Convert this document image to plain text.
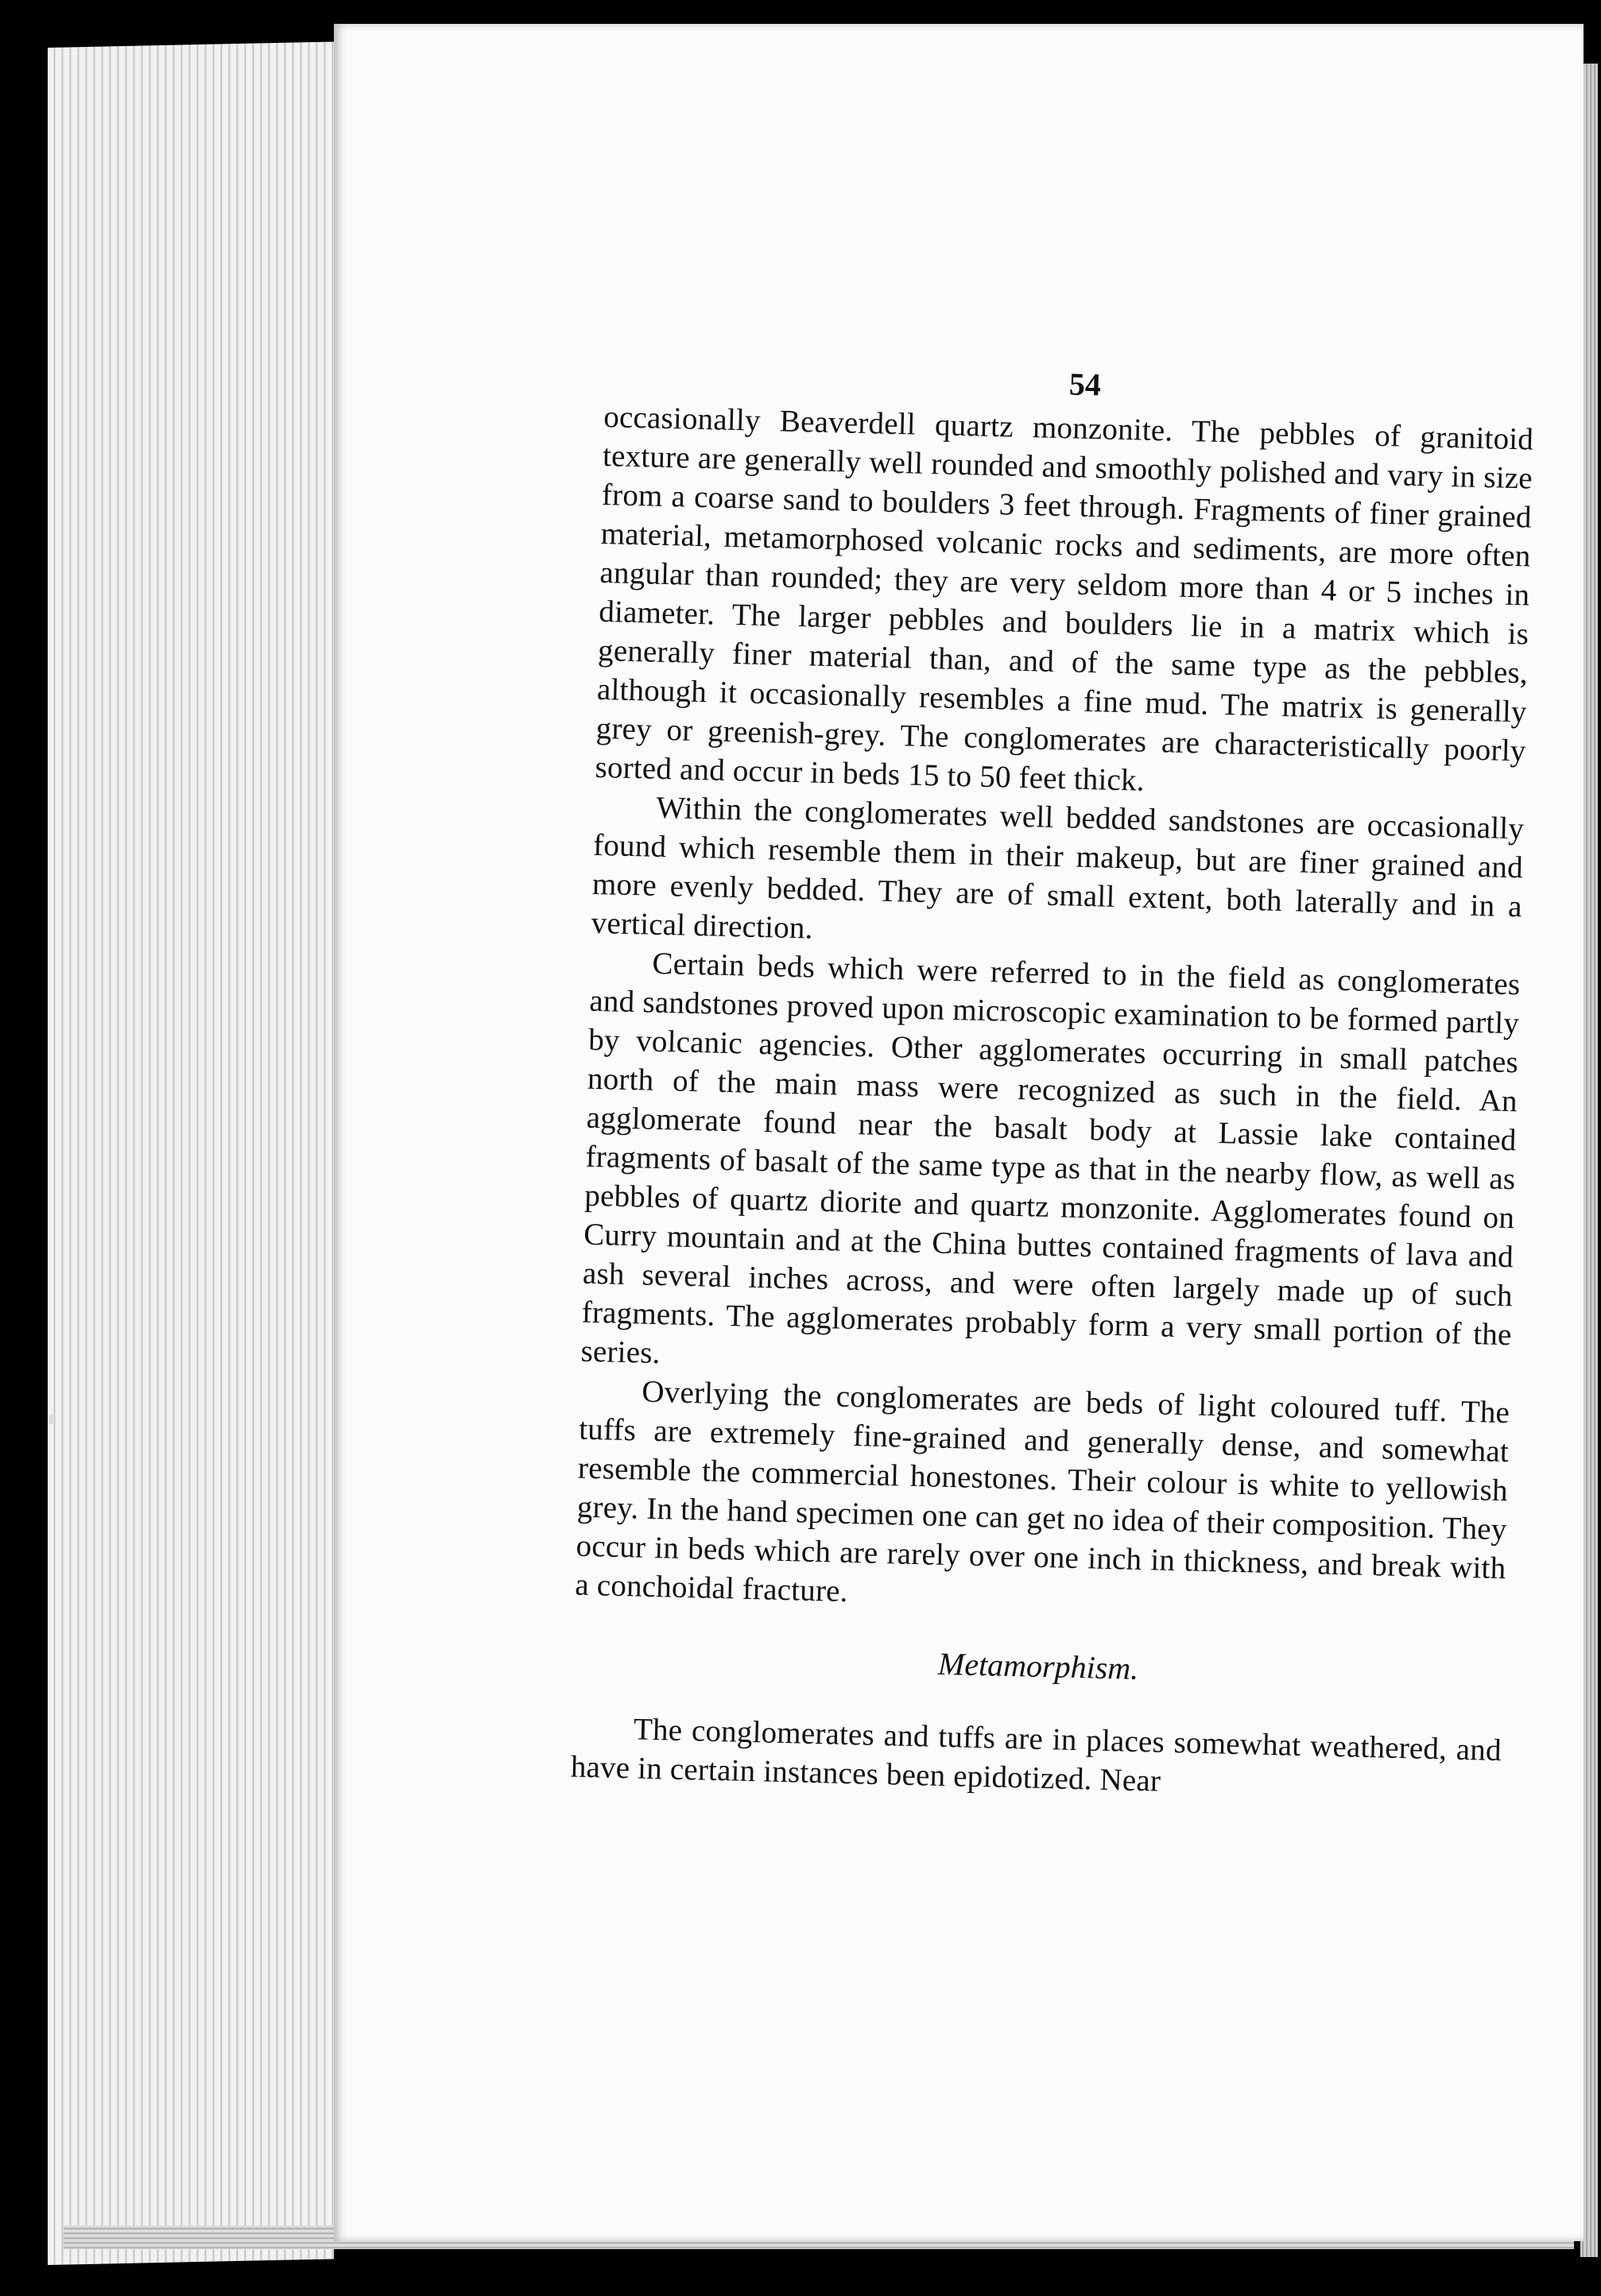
54

occasionally Beaverdell quartz monzonite. The pebbles of granitoid texture are generally well rounded and smoothly polished and vary in size from a coarse sand to boulders 3 feet through. Fragments of finer grained material, metamorphosed volcanic rocks and sediments, are more often angular than rounded; they are very seldom more than 4 or 5 inches in diameter. The larger pebbles and boulders lie in a matrix which is generally finer material than, and of the same type as the pebbles, although it occasionally resembles a fine mud. The matrix is generally grey or greenish-grey. The conglomerates are characteristically poorly sorted and occur in beds 15 to 50 feet thick.

Within the conglomerates well bedded sandstones are occasionally found which resemble them in their makeup, but are finer grained and more evenly bedded. They are of small extent, both laterally and in a vertical direction.

Certain beds which were referred to in the field as conglomerates and sandstones proved upon microscopic examination to be formed partly by volcanic agencies. Other agglomerates occurring in small patches north of the main mass were recognized as such in the field. An agglomerate found near the basalt body at Lassie lake contained fragments of basalt of the same type as that in the nearby flow, as well as pebbles of quartz diorite and quartz monzonite. Agglomerates found on Curry mountain and at the China buttes contained fragments of lava and ash several inches across, and were often largely made up of such fragments. The agglomerates probably form a very small portion of the series.

Overlying the conglomerates are beds of light coloured tuff. The tuffs are extremely fine-grained and generally dense, and somewhat resemble the commercial honestones. Their colour is white to yellowish grey. In the hand specimen one can get no idea of their composition. They occur in beds which are rarely over one inch in thickness, and break with a conchoidal fracture.

Metamorphism.

The conglomerates and tuffs are in places somewhat weathered, and have in certain instances been epidotized. Near
